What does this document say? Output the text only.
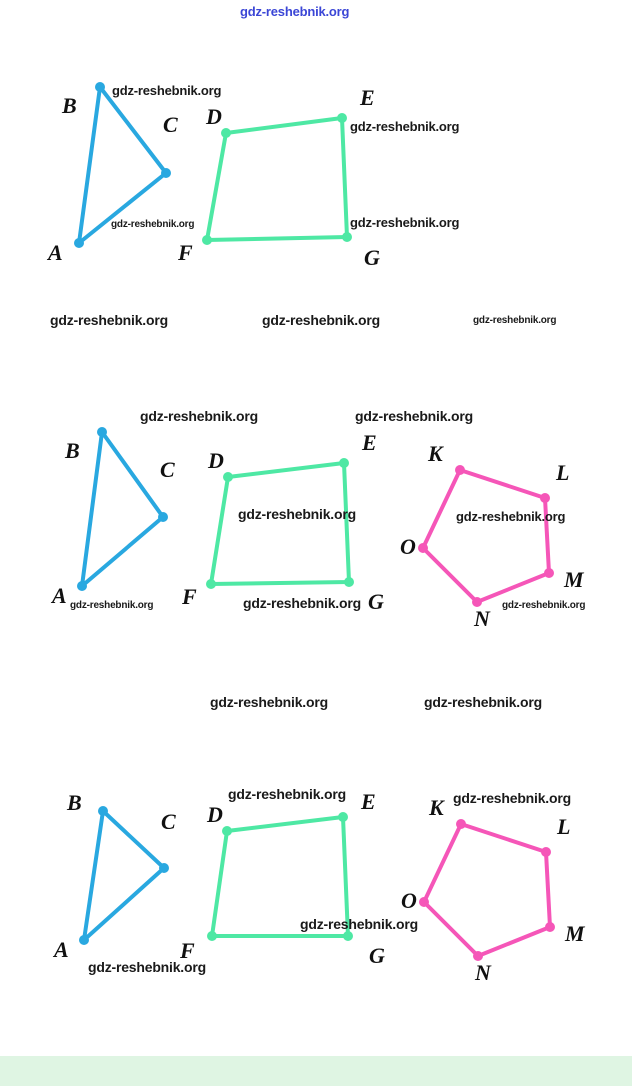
A
B
C D
E
F	G
A
B
C D
E
F	G
K
L
M
N
O
A
B
C D
E
F	G
K
L
M
N
O
gdz-reshebnik.org
gdz-reshebnik.org
gdz-reshebnik.org
gdz-reshebnik.org	gdz-reshebnik.org
gdz-reshebnik.org	gdz-reshebnik.org	gdz-reshebnik.org
gdz-reshebnik.org	gdz-reshebnik.org
gdz-reshebnik.org	gdz-reshebnik.org
gdz-reshebnik.org	gdz-reshebnik.org	gdz-reshebnik.org
gdz-reshebnik.org	gdz-reshebnik.org
gdz-reshebnik.org	gdz-reshebnik.org
gdz-reshebnik.org
gdz-reshebnik.org
